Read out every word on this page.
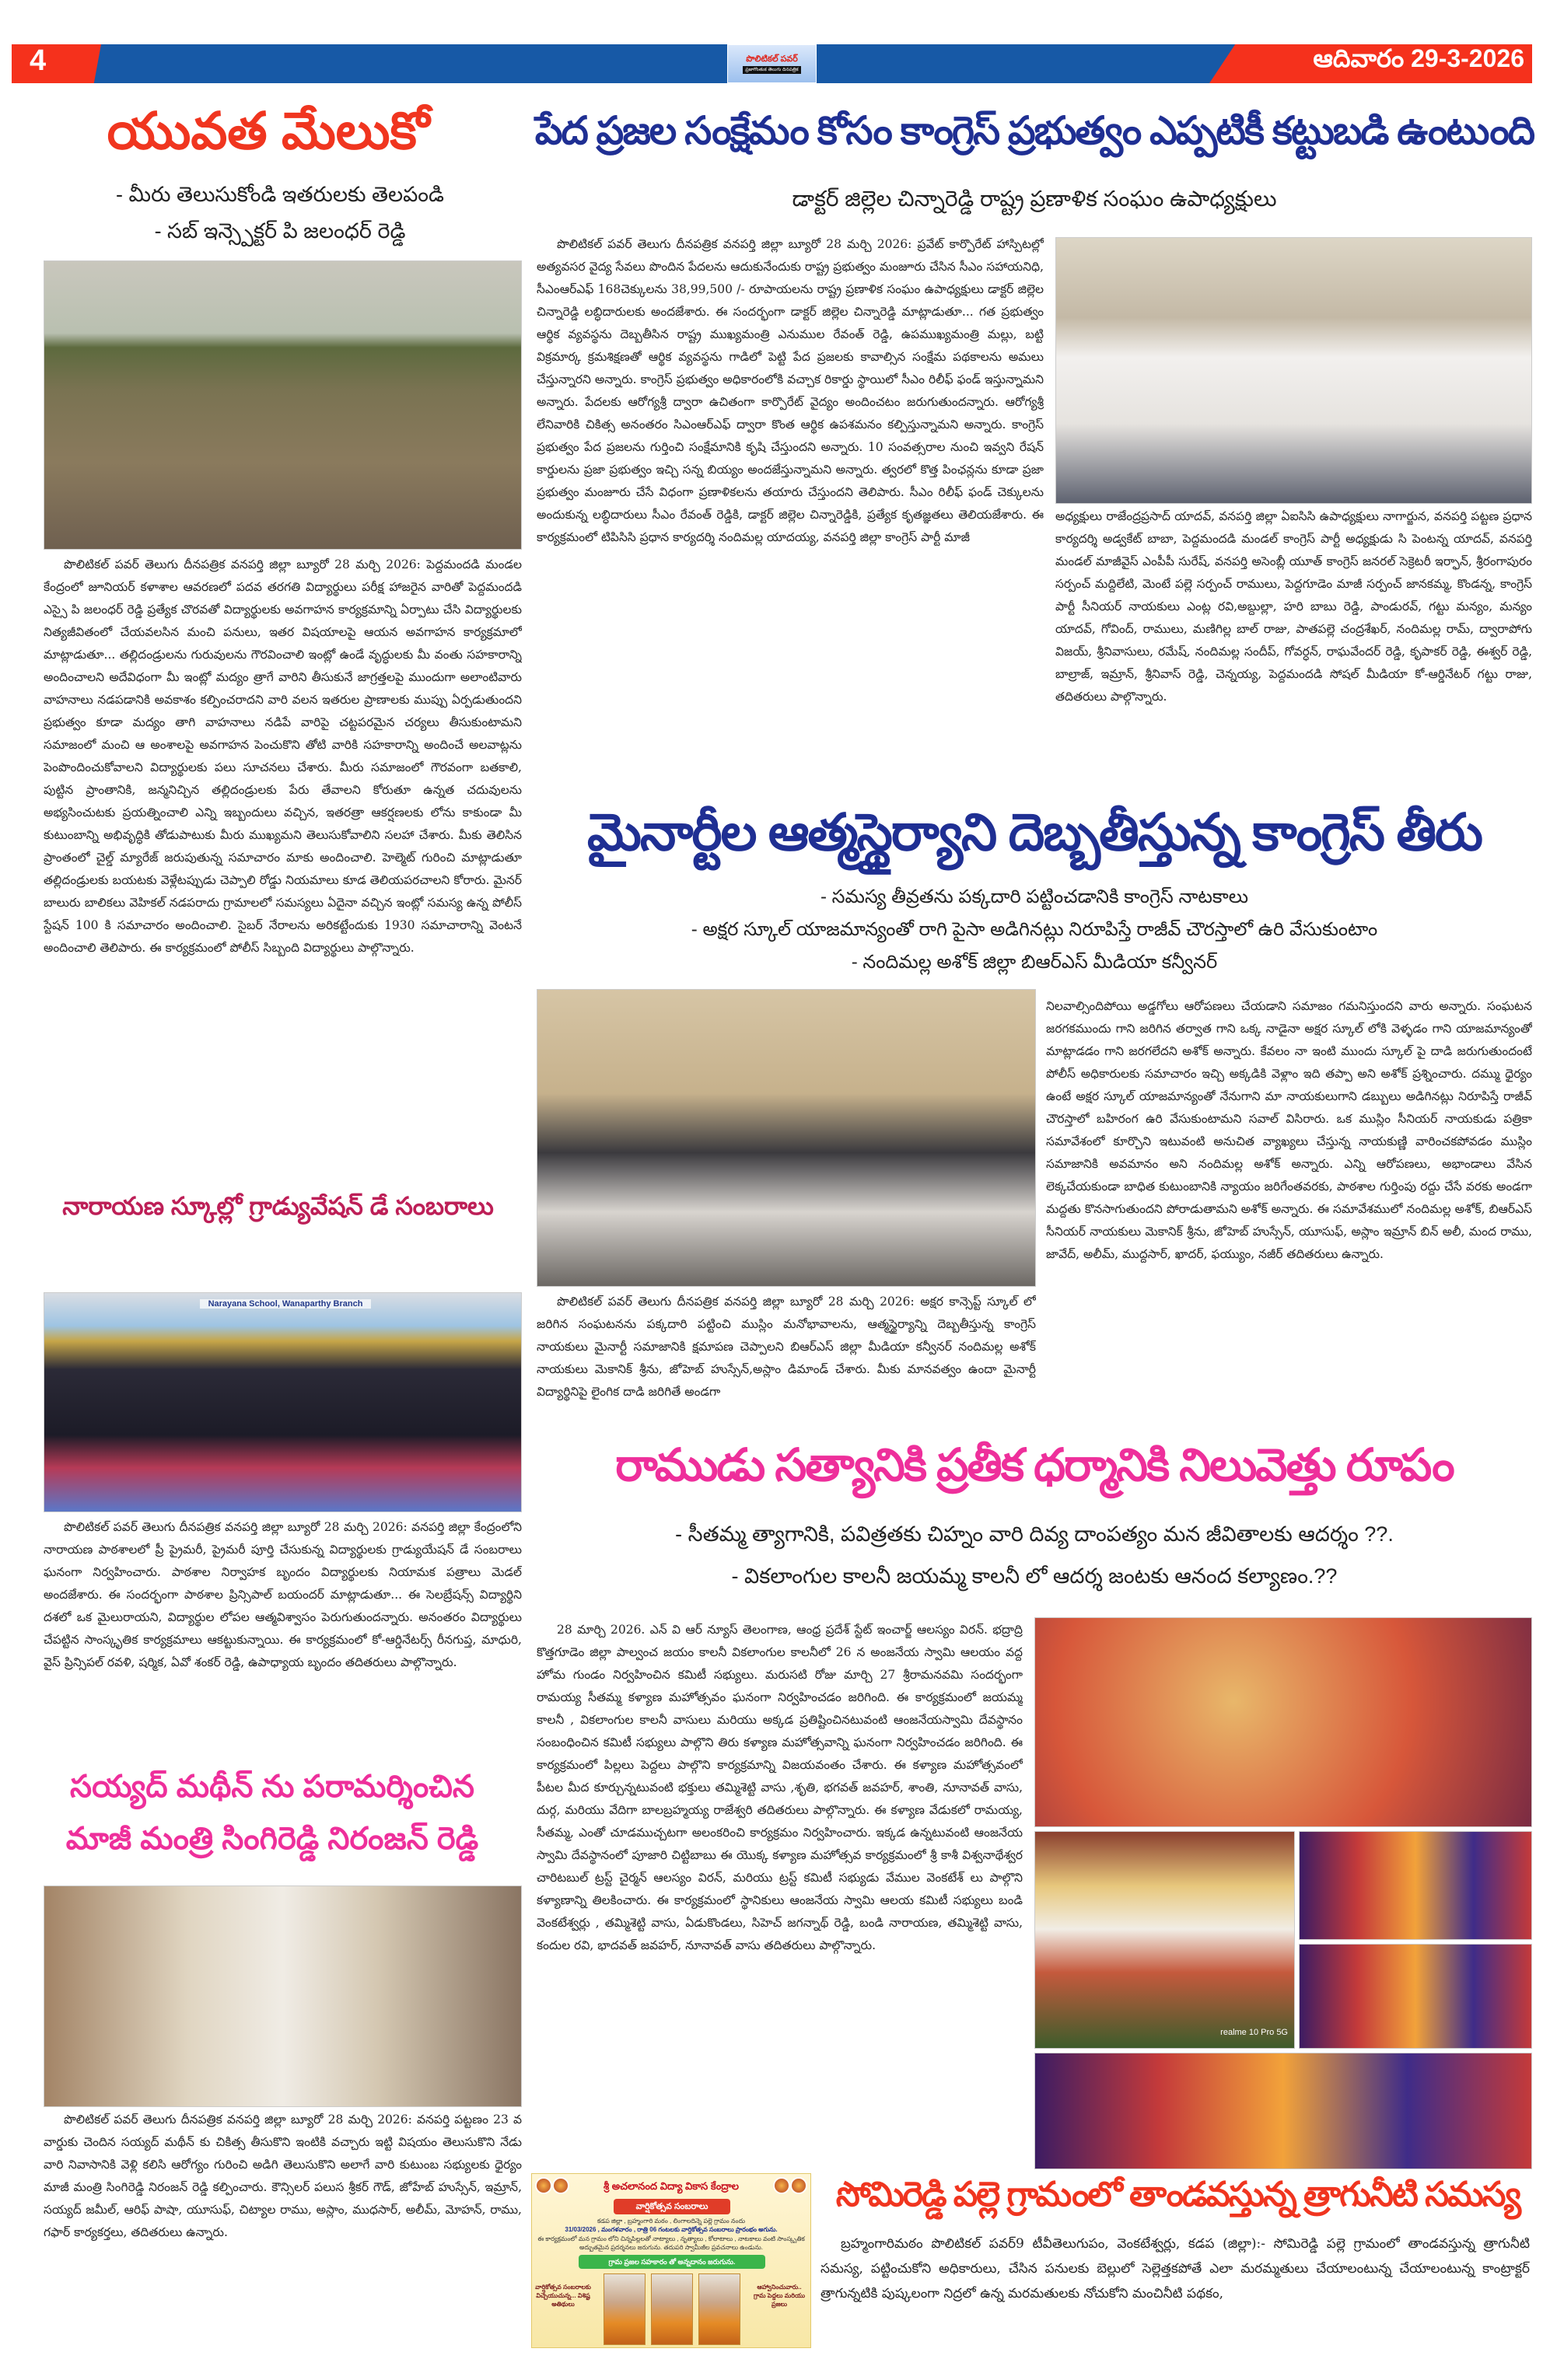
4	పొలిటికల్ పవర్
ప్రజాగొంతుక తెలుగు దినపత్రిక	ఆదివారం 29-3-2026
యువత మేలుకో
- మీరు తెలుసుకోండి ఇతరులకు తెలపండి
- సబ్ ఇన్స్పెక్టర్ పి జలంధర్ రెడ్డి
పొలిటికల్ పవర్ తెలుగు దీనపత్రిక వనపర్తి జిల్లా బ్యూరో 28 మర్చి 2026: పెద్దమందడి మండల కేంద్రంలో జూనియర్ కళాశాల ఆవరణలో పదవ తరగతి విద్యార్థులు పరీక్ష హాజరైన వారితో పెద్దమందడి ఎస్సై పి జలంధర్ రెడ్డి ప్రత్యేక చొరవతో విద్యార్థులకు అవగాహన కార్యక్రమాన్ని ఏర్పాటు చేసి విద్యార్థులకు నిత్యజీవితంలో చేయవలసిన మంచి పనులు, ఇతర విషయాలపై ఆయన అవగాహన కార్యక్రమాలో మాట్లాడుతూ... తల్లిదండ్రులను గురువులను గౌరవించాలి ఇంట్లో ఉండే వృద్ధులకు మీ వంతు సహకారాన్ని అందించాలని అదేవిధంగా మీ ఇంట్లో మద్యం త్రాగే వారిని తీసుకునే జాగ్రత్తలపై ముందుగా అలాంటివారు వాహనాలు నడపడానికి అవకాశం కల్పించరాదని వారి వలన ఇతరుల ప్రాణాలకు ముప్పు ఏర్పడుతుందని ప్రభుత్వం కూడా మద్యం తాగి వాహనాలు నడిపే వారిపై చట్టపరమైన చర్యలు తీసుకుంటామని సమాజంలో మంచి ఆ అంశాలపై అవగాహన పెంచుకొని తోటి వారికి సహకారాన్ని అందించే అలవాట్లను పెంపొందించుకోవాలని విద్యార్థులకు పలు సూచనలు చేశారు. మీరు సమాజంలో గౌరవంగా బతకాలి, పుట్టిన ప్రాంతానికి, జన్మనిచ్చిన తల్లిదండ్రులకు పేరు తేవాలని కోరుతూ ఉన్నత చదువులను అభ్యసించుటకు ప్రయత్నించాలి ఎన్ని ఇబ్బందులు వచ్చిన, ఇతరత్రా ఆకర్షణలకు లోను కాకుండా మీ కుటుంబాన్ని అభివృద్ధికి తోడుపాటుకు మీరు ముఖ్యమని తెలుసుకోవాలిని సలహా చేశారు. మీకు తెలిసిన ప్రాంతంలో చైల్డ్ మ్యారేజ్ జరుపుతున్న సమాచారం మాకు అందించాలి. హెల్మెట్ గురించి మాట్లాడుతూ తల్లిదండ్రులకు బయటకు వెళ్లేటప్పుడు చెప్పాలి రోడ్డు నియమాలు కూడ తెలియపరచాలని కోరారు. మైనర్ బాలురు బాలికలు వెహికల్ నడపరాదు గ్రామాలలో సమస్యలు ఏదైనా వచ్చిన ఇంట్లో సమస్య ఉన్న పోలీస్ స్టేషన్ 100 కి సమాచారం అందించాలి. సైబర్ నేరాలను అరికట్టేందుకు 1930 సమాచారాన్ని వెంటనే అందించాలి తెలిపారు. ఈ కార్యక్రమంలో పోలీస్ సిబ్బంది విద్యార్థులు పాల్గొన్నారు.
నారాయణ స్కూల్లో గ్రాడ్యువేషన్ డే సంబరాలు
Narayana School, Wanaparthy Branch
పొలిటికల్ పవర్ తెలుగు దీనపత్రిక వనపర్తి జిల్లా బ్యూరో 28 మర్చి 2026: వనపర్తి జిల్లా కేంద్రంలోని నారాయణ పాఠశాలలో ప్రీ ప్రైమరీ, ప్రైమరీ పూర్తి చేసుకున్న విద్యార్థులకు గ్రాడ్యుయేషన్ డే సంబరాలు ఘనంగా నిర్వహించారు. పాఠశాల నిర్వాహక బృందం విద్యార్థులకు నియామక పత్రాలు మెడల్ అందజేశారు. ఈ సందర్భంగా పాఠశాల ప్రిన్సిపాల్ బయందర్ మాట్లాడుతూ... ఈ సెలబ్రేషన్స్ విద్యార్థిని దశలో ఒక మైలురాయని, విద్యార్థుల లోపల ఆత్మవిశ్వాసం పెరుగుతుందన్నారు. అనంతరం విద్యార్థులు చేపట్టిన సాంస్కృతిక కార్యక్రమాలు ఆకట్టుకున్నాయి. ఈ కార్యక్రమంలో కో-ఆర్డినేటర్స్ రీనగుప్త, మాధురి, వైస్ ప్రిన్సిపల్ రవళి, షర్మిక, ఏవో శంకర్ రెడ్డి, ఉపాధ్యాయ బృందం తదితరులు పాల్గొన్నారు.
సయ్యద్ మథీన్ ను పరామర్శించిన
మాజీ మంత్రి సింగిరెడ్డి నిరంజన్ రెడ్డి
పొలిటికల్ పవర్ తెలుగు దీనపత్రిక వనపర్తి జిల్లా బ్యూరో 28 మర్చి 2026: వనపర్తి పట్టణం 23 వ వార్డుకు చెందిన సయ్యద్ మథీన్ కు చికిత్స తీసుకొని ఇంటికి వచ్చారు ఇట్టి విషయం తెలుసుకొని నేడు వారి నివాసానికి వెళ్లి కలిసి ఆరోగ్యం గురించి అడిగి తెలుసుకొని అలాగే వారి కుటుంబ సభ్యులకు ధైర్యం మాజీ మంత్రి సింగిరెడ్డి నిరంజన్ రెడ్డి కల్పించారు. కౌన్సిలర్ పలుస శ్రీకర్ గౌడ్, జోహేబ్ హుస్సేన్, ఇమ్రాన్, సయ్యద్ జమీల్, ఆరిఫ్ పాషా, యూసుఫ్, చిట్యాల రాము, అస్లాం, ముధసార్, అలీమ్, మోహన్, రాము, గఫార్ కార్యకర్తలు, తదితరులు ఉన్నారు.
పేద ప్రజల సంక్షేమం కోసం కాంగ్రెస్ ప్రభుత్వం ఎప్పటికీ కట్టుబడి ఉంటుంది
డాక్టర్ జిల్లెల చిన్నారెడ్డి రాష్ట్ర ప్రణాళిక సంఘం ఉపాధ్యక్షులు
పొలిటికల్ పవర్ తెలుగు దీనపత్రిక వనపర్తి జిల్లా బ్యూరో 28 మర్చి 2026: ప్రవేట్ కార్పొరేట్ హాస్పిటల్లో అత్యవసర వైద్య సేవలు పొందిన పేదలను ఆదుకునేందుకు రాష్ట్ర ప్రభుత్వం మంజూరు చేసిన సీఎం సహాయనిధి, సీఎంఆర్ఎఫ్ 168చెక్కులను 38,99,500 /- రూపాయలను రాష్ట్ర ప్రణాళిక సంఘం ఉపాధ్యక్షులు డాక్టర్ జిల్లెల చిన్నారెడ్డి లబ్ధిదారులకు అందజేశారు. ఈ సందర్భంగా డాక్టర్ జిల్లెల చిన్నారెడ్డి మాట్లాడుతూ... గత ప్రభుత్వం ఆర్థిక వ్యవస్థను దెబ్బతీసిన రాష్ట్ర ముఖ్యమంత్రి ఎనుముల రేవంత్ రెడ్డి, ఉపముఖ్యమంత్రి మల్లు, బట్టి విక్రమార్క క్రమశిక్షణతో ఆర్థిక వ్యవస్థను గాడిలో పెట్టి పేద ప్రజలకు కావాల్సిన సంక్షేమ పథకాలను అమలు చేస్తున్నారని అన్నారు. కాంగ్రెస్ ప్రభుత్వం అధికారంలోకి వచ్చాక రికార్డు స్థాయిలో సీఎం రిలీఫ్ ఫండ్ ఇస్తున్నామని అన్నారు. పేదలకు ఆరోగ్యశ్రీ ద్వారా ఉచితంగా కార్పొరేట్ వైద్యం అందించటం జరుగుతుందన్నారు. ఆరోగ్యశ్రీ లేనివారికి చికిత్స అనంతరం సిఎంఆర్ఎఫ్ ద్వారా కొంత ఆర్థిక ఉపశమనం కల్పిస్తున్నామని అన్నారు. కాంగ్రెస్ ప్రభుత్వం పేద ప్రజలను గుర్తించి సంక్షేమానికి కృషి చేస్తుందని అన్నారు. 10 సంవత్సరాల నుంచి ఇవ్వని రేషన్ కార్డులను ప్రజా ప్రభుత్వం ఇచ్చి సన్న బియ్యం అందజేస్తున్నామని అన్నారు. త్వరలో కొత్త పింఛన్లను కూడా ప్రజా ప్రభుత్వం మంజూరు చేసే విధంగా ప్రణాళికలను తయారు చేస్తుందని తెలిపారు. సీఎం రిలీఫ్ ఫండ్ చెక్కులను అందుకున్న లబ్ధిదారులు సీఎం రేవంత్ రెడ్డికి, డాక్టర్ జిల్లెల చిన్నారెడ్డికి, ప్రత్యేక కృతజ్ఞతలు తెలియజేశారు. ఈ కార్యక్రమంలో టిపిసిసి ప్రధాన కార్యదర్శి నందిమల్ల యాదయ్య, వనపర్తి జిల్లా కాంగ్రెస్ పార్టీ మాజీ
అధ్యక్షులు రాజేంద్రప్రసాద్ యాదవ్, వనపర్తి జిల్లా ఏఐసిసి ఉపాధ్యక్షులు నాగార్జున, వనపర్తి పట్టణ ప్రధాన కార్యదర్శి అడ్వకేట్ బాబా, పెద్దమందడి మండల్ కాంగ్రెస్ పార్టీ అధ్యక్షుడు సి పెంటన్న యాదవ్, వనపర్తి మండల్ మాజీవైస్ ఎంపీపీ సురేష్, వనపర్తి అసెంబ్లీ యూత్ కాంగ్రెస్ జనరల్ సెక్రెటరీ ఇర్ఫాన్, శ్రీరంగాపురం సర్పంచ్ మద్దిలేటి, మెంటే పల్లె సర్పంచ్ రాములు, పెద్దగూడెం మాజీ సర్పంచ్ జానకమ్మ, కొండన్న, కాంగ్రెస్ పార్టీ సీనియర్ నాయకులు ఎంట్ల రవి,అబ్దుల్లా, హరి బాబు రెడ్డి, పాండురవ్, గట్టు మన్యం, మన్యం యాదవ్, గోవింద్, రాములు, మణిగిల్ల బాల్ రాజు, పాతపల్లె చంద్రశేఖర్, నందిమల్ల రామ్, ద్వారాపోగు విజయ్, శ్రీనివాసులు, రమేష్, నందిమల్ల సందీప్, గోవర్ధన్, రాఘవేందర్ రెడ్డి, కృపాకర్ రెడ్డి, ఈశ్వర్ రెడ్డి, బాల్రాజ్, ఇమ్రాన్, శ్రీనివాస్ రెడ్డి, చెన్నయ్య, పెద్దమందడి సోషల్ మీడియా కో-ఆర్డినేటర్ గట్టు రాజు, తదితరులు పాల్గొన్నారు.
మైనార్టీల ఆత్మస్థైర్యాని దెబ్బతీస్తున్న కాంగ్రెస్ తీరు
- సమస్య తీవ్రతను పక్కదారి పట్టించడానికి కాంగ్రెస్ నాటకాలు
- అక్షర స్కూల్ యాజమాన్యంతో రాగి పైసా అడిగినట్లు నిరూపిస్తే రాజీవ్ చౌరస్తాలో ఉరి వేసుకుంటాం
- నందిమల్ల అశోక్ జిల్లా బిఆర్ఎస్ మీడియా కన్వీనర్
పొలిటికల్ పవర్ తెలుగు దీనపత్రిక వనపర్తి జిల్లా బ్యూరో 28 మర్చి 2026: అక్షర కాన్సెప్ట్ స్కూల్ లో జరిగిన సంఘటనను పక్కదారి పట్టించి ముస్లిం మనోభావాలను, ఆత్మస్థైర్యాన్ని దెబ్బతీస్తున్న కాంగ్రెస్ నాయకులు మైనార్టీ సమాజానికి క్షమాపణ చెప్పాలని బిఆర్ఎస్ జిల్లా మీడియా కన్వీనర్ నందిమల్ల అశోక్ నాయకులు మెకానిక్ శ్రీను, జోహెబ్ హుస్సేన్,అస్లాం డిమాండ్ చేశారు. మీకు మానవత్వం ఉందా మైనార్టీ విద్యార్థినిపై లైంగిక దాడి జరిగితే అండగా
నిలవాల్సిందిపోయి అడ్డగోలు ఆరోపణలు చేయడాని సమాజం గమనిస్తుందని వారు అన్నారు. సంఘటన జరగకముందు గాని జరిగిన తర్వాత గాని ఒక్క నాడైనా అక్షర స్కూల్ లోకి వెళ్ళడం గాని యాజమాన్యంతో మాట్లాడడం గాని జరగలేదని అశోక్ అన్నారు. కేవలం నా ఇంటి ముందు స్కూల్ పై దాడి జరుగుతుందంటే పోలీస్ అధికారులకు సమాచారం ఇచ్చి అక్కడికి వెళ్లాం ఇది తప్పా అని అశోక్ ప్రశ్నించారు. దమ్ము ధైర్యం ఉంటే అక్షర స్కూల్ యాజమాన్యంతో నేనుగాని మా నాయకులుగాని డబ్బులు అడిగినట్లు నిరూపిస్తే రాజీవ్ చౌరస్తాలో బహిరంగ ఉరి వేసుకుంటామని సవాల్ విసిరారు. ఒక ముస్లిం సీనియర్ నాయకుడు పత్రికా సమావేశంలో కూర్చొని ఇటువంటి అనుచిత వ్యాఖ్యలు చేస్తున్న నాయకుణ్ణి వారించకపోవడం ముస్లిం సమాజానికి అవమానం అని నందిమల్ల అశోక్ అన్నారు. ఎన్ని ఆరోపణలు, అభాండాలు వేసిన లెక్కచేయకుండా బాధిత కుటుంబానికి న్యాయం జరిగేంతవరకు, పాఠశాల గుర్తింపు రద్దు చేసే వరకు అండగా మద్దతు కొనసాగుతుందని పోరాడుతామని అశోక్ అన్నారు. ఈ సమావేశములో నందిమల్ల అశోక్, బిఆర్ఎస్ సీనియర్ నాయకులు మెకానిక్ శ్రీను, జోహెబ్ హుస్సేన్, యూసుఫ్, అస్లాం ఇమ్రాన్ బిన్ అలీ, మంద రాము, జావేద్, అలీమ్, ముద్దసార్, ఖాదర్, ఫయ్యుం, నజీర్ తదితరులు ఉన్నారు.
రాముడు సత్యానికి ప్రతీక ధర్మానికి నిలువెత్తు రూపం
- సీతమ్మ త్యాగానికి, పవిత్రతకు చిహ్నం వారి దివ్య దాంపత్యం మన జీవితాలకు ఆదర్శం ??.
- వికలాంగుల కాలనీ జయమ్మ కాలనీ లో ఆదర్శ జంటకు ఆనంద కల్యాణం.??
28 మార్చి 2026. ఎన్ వి ఆర్ న్యూస్ తెలంగాణ, ఆంధ్ర ప్రదేశ్ స్టేట్ ఇంచార్జ్ ఆలస్యం విరన్. భద్రాద్రి కొత్తగూడెం జిల్లా పాల్వంచ జయం కాలనీ వికలాంగుల కాలనీలో 26 న అంజనేయ స్వామి ఆలయం వద్ద హోమ గుండం నిర్వహించిన కమిటీ సభ్యులు. మరుసటి రోజు మార్చి 27 శ్రీరామనవమి సందర్భంగా రామయ్య సీతమ్మ కళ్యాణ మహోత్సవం ఘనంగా నిర్వహించడం జరిగింది. ఈ కార్యక్రమంలో జయమ్మ కాలనీ , వికలాంగుల కాలనీ వాసులు మరియు అక్కడ ప్రతిష్టించినటువంటి ఆంజనేయస్వామి దేవస్థానం సంబంధించిన కమిటీ సభ్యులు పాల్గొని తిరు కళ్యాణ మహోత్సవాన్ని ఘనంగా నిర్వహించడం జరిగింది. ఈ కార్యక్రమంలో పిల్లలు పెద్దలు పాల్గొని కార్యక్రమాన్ని విజయవంతం చేశారు. ఈ కళ్యాణ మహోత్సవంలో పీటల మీద కూర్చున్నటువంటి భక్తులు తమ్మిశెట్టి వాసు ,శృతి, భగవత్ జవహర్, శాంతి, నూనావత్ వాసు, దుర్గ, మరియు వేదిగా బాలబ్రహ్మయ్య రాజేశ్వరి తదితరులు పాల్గొన్నారు. ఈ కళ్యాణ వేడుకలో రామయ్య, సీతమ్మ, ఎంతో చూడముచ్చటగా అలంకరించి కార్యక్రమం నిర్వహించారు. ఇక్కడ ఉన్నటువంటి ఆంజనేయ స్వామి దేవస్థానంలో పూజారి చిట్టిబాబు ఈ యొక్క కళ్యాణ మహోత్సవ కార్యక్రమంలో శ్రీ కాశీ విశ్వనాథేశ్వర చారిటబుల్ ట్రస్ట్ చైర్మన్ ఆలస్యం విరన్, మరియు ట్రస్ట్ కమిటీ సభ్యుడు వేముల వెంకటేశ్ లు పాల్గొని కళ్యాణాన్ని తిలకించారు. ఈ కార్యక్రమంలో స్థానికులు ఆంజనేయ స్వామి ఆలయ కమిటీ సభ్యులు బండి వెంకటేశ్వర్లు , తమ్మిశెట్టి వాసు, ఏడుకొండలు, సిహెచ్ జగన్నాథ్ రెడ్డి, బండి నారాయణ, తమ్మిశెట్టి వాసు, కందుల రవి, భాదవత్ జవహర్, నూనావత్ వాసు తదితరులు పాల్గొన్నారు.
realme 10 Pro 5G
శ్రీ అచలానంద విద్యా వికాస కేంద్రాల
వార్షికోత్సవ సంబరాలు
కడప జిల్లా , బ్రహ్మంగారి మఠం , లింగాలదిన్నె పల్లె గ్రామం నందు
31/03/2026 , మంగళవారం , రాత్రి 06 గంటలకు వార్షికోత్సవ సంబరాలు ప్రారంభం అగును.
ఈ కార్యక్రమంలో మన గ్రామం లోని చిన్నపిల్లలతో నాట్యాలు , నృత్యాలు , కోలాటాలు , నాటకాలు వంటి సాంస్కృతిక
అద్భుతమైన ప్రదర్శనలు జరుగును. తదుపరి స్వామీజీల ప్రవచనాలు ఉండును.
గ్రామ ప్రజల సహకారం తో అన్నదానం జరుగును.
వార్షికోత్సవ సంబరాలకు విచ్చేయుచున్న... విశిష్ట అతిథులు
ఆహ్వానించువారు.. గ్రామ పెద్దలు మరియు ప్రజలు
సోమిరెడ్డి పల్లె గ్రామంలో తాండవస్తున్న త్రాగునీటి సమస్య
బ్రహ్మంగారిమఠం పొలిటికల్ పవర్9 టీవీతెలుగుపం, వెంకటేశ్వర్లు, కడప (జిల్లా):- సోమిరెడ్డి పల్లె గ్రామంలో తాండవస్తున్న త్రాగునీటి సమస్య, పట్టించుకోని అధికారులు, చేసిన పనులకు బెల్లులో సెల్లెత్తకపోతే ఎలా మరమ్మతులు చేయాలంటున్న చేయాలంటున్న కాంట్రాక్టర్ త్రాగున్నటికి పుష్కలంగా నిద్రలో ఉన్న మరమతులకు నోచుకోని మంచినీటి పథకం,
